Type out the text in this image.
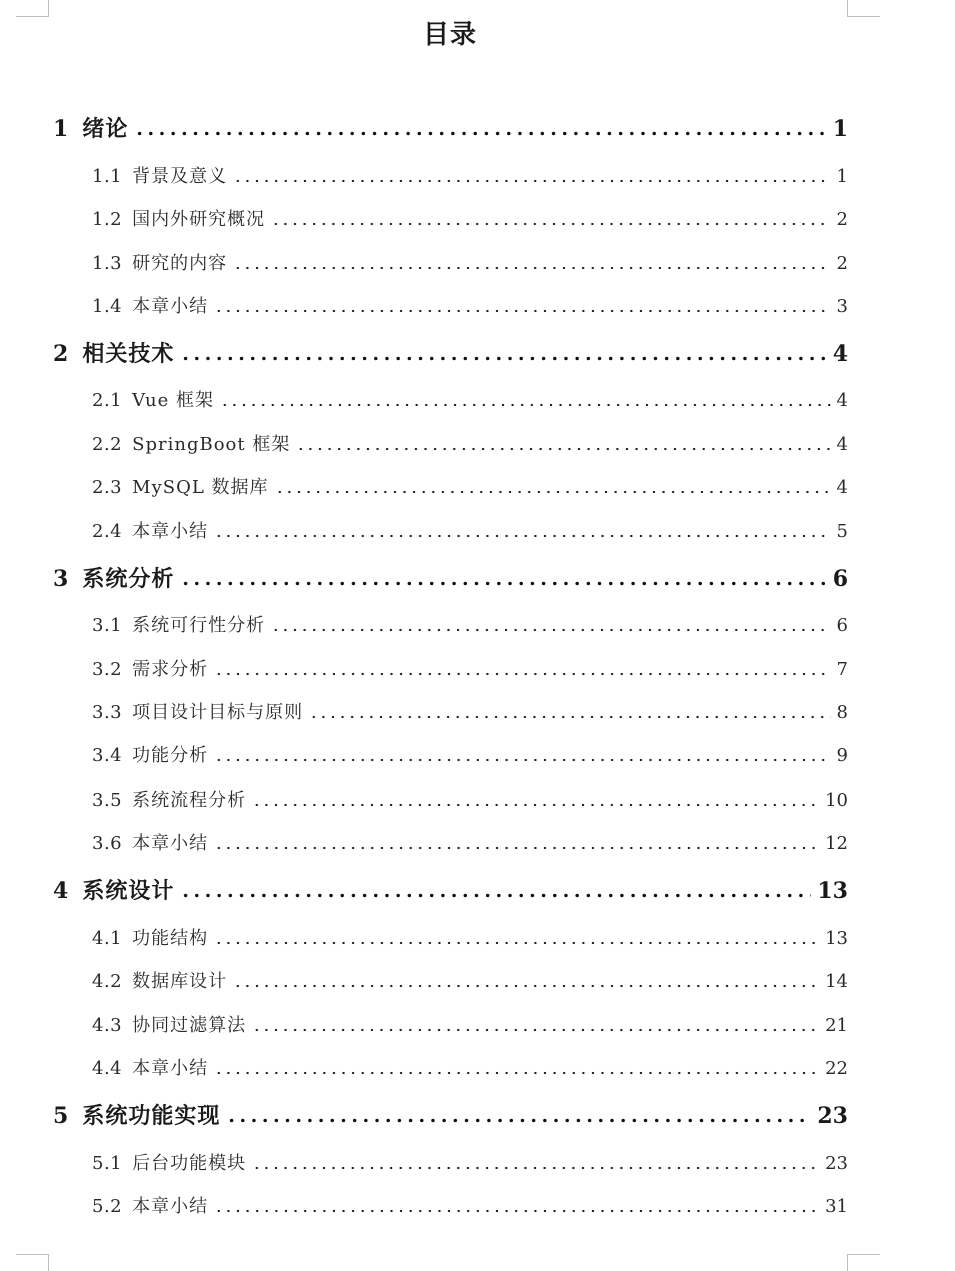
目录
1 绪论	1
1.1 背景及意义	1
1.2 国内外研究概况	2
1.3 研究的内容	2
1.4 本章小结	3
2 相关技术	4
2.1 Vue 框架	4
2.2 SpringBoot 框架	4
2.3 MySQL 数据库	4
2.4 本章小结	5
3 系统分析	6
3.1 系统可行性分析	6
3.2 需求分析	7
3.3 项目设计目标与原则	8
3.4 功能分析	9
3.5 系统流程分析	10
3.6 本章小结	12
4 系统设计	13
4.1 功能结构	13
4.2 数据库设计	14
4.3 协同过滤算法	21
4.4 本章小结	22
5 系统功能实现	23
5.1 后台功能模块	23
5.2 本章小结	31
